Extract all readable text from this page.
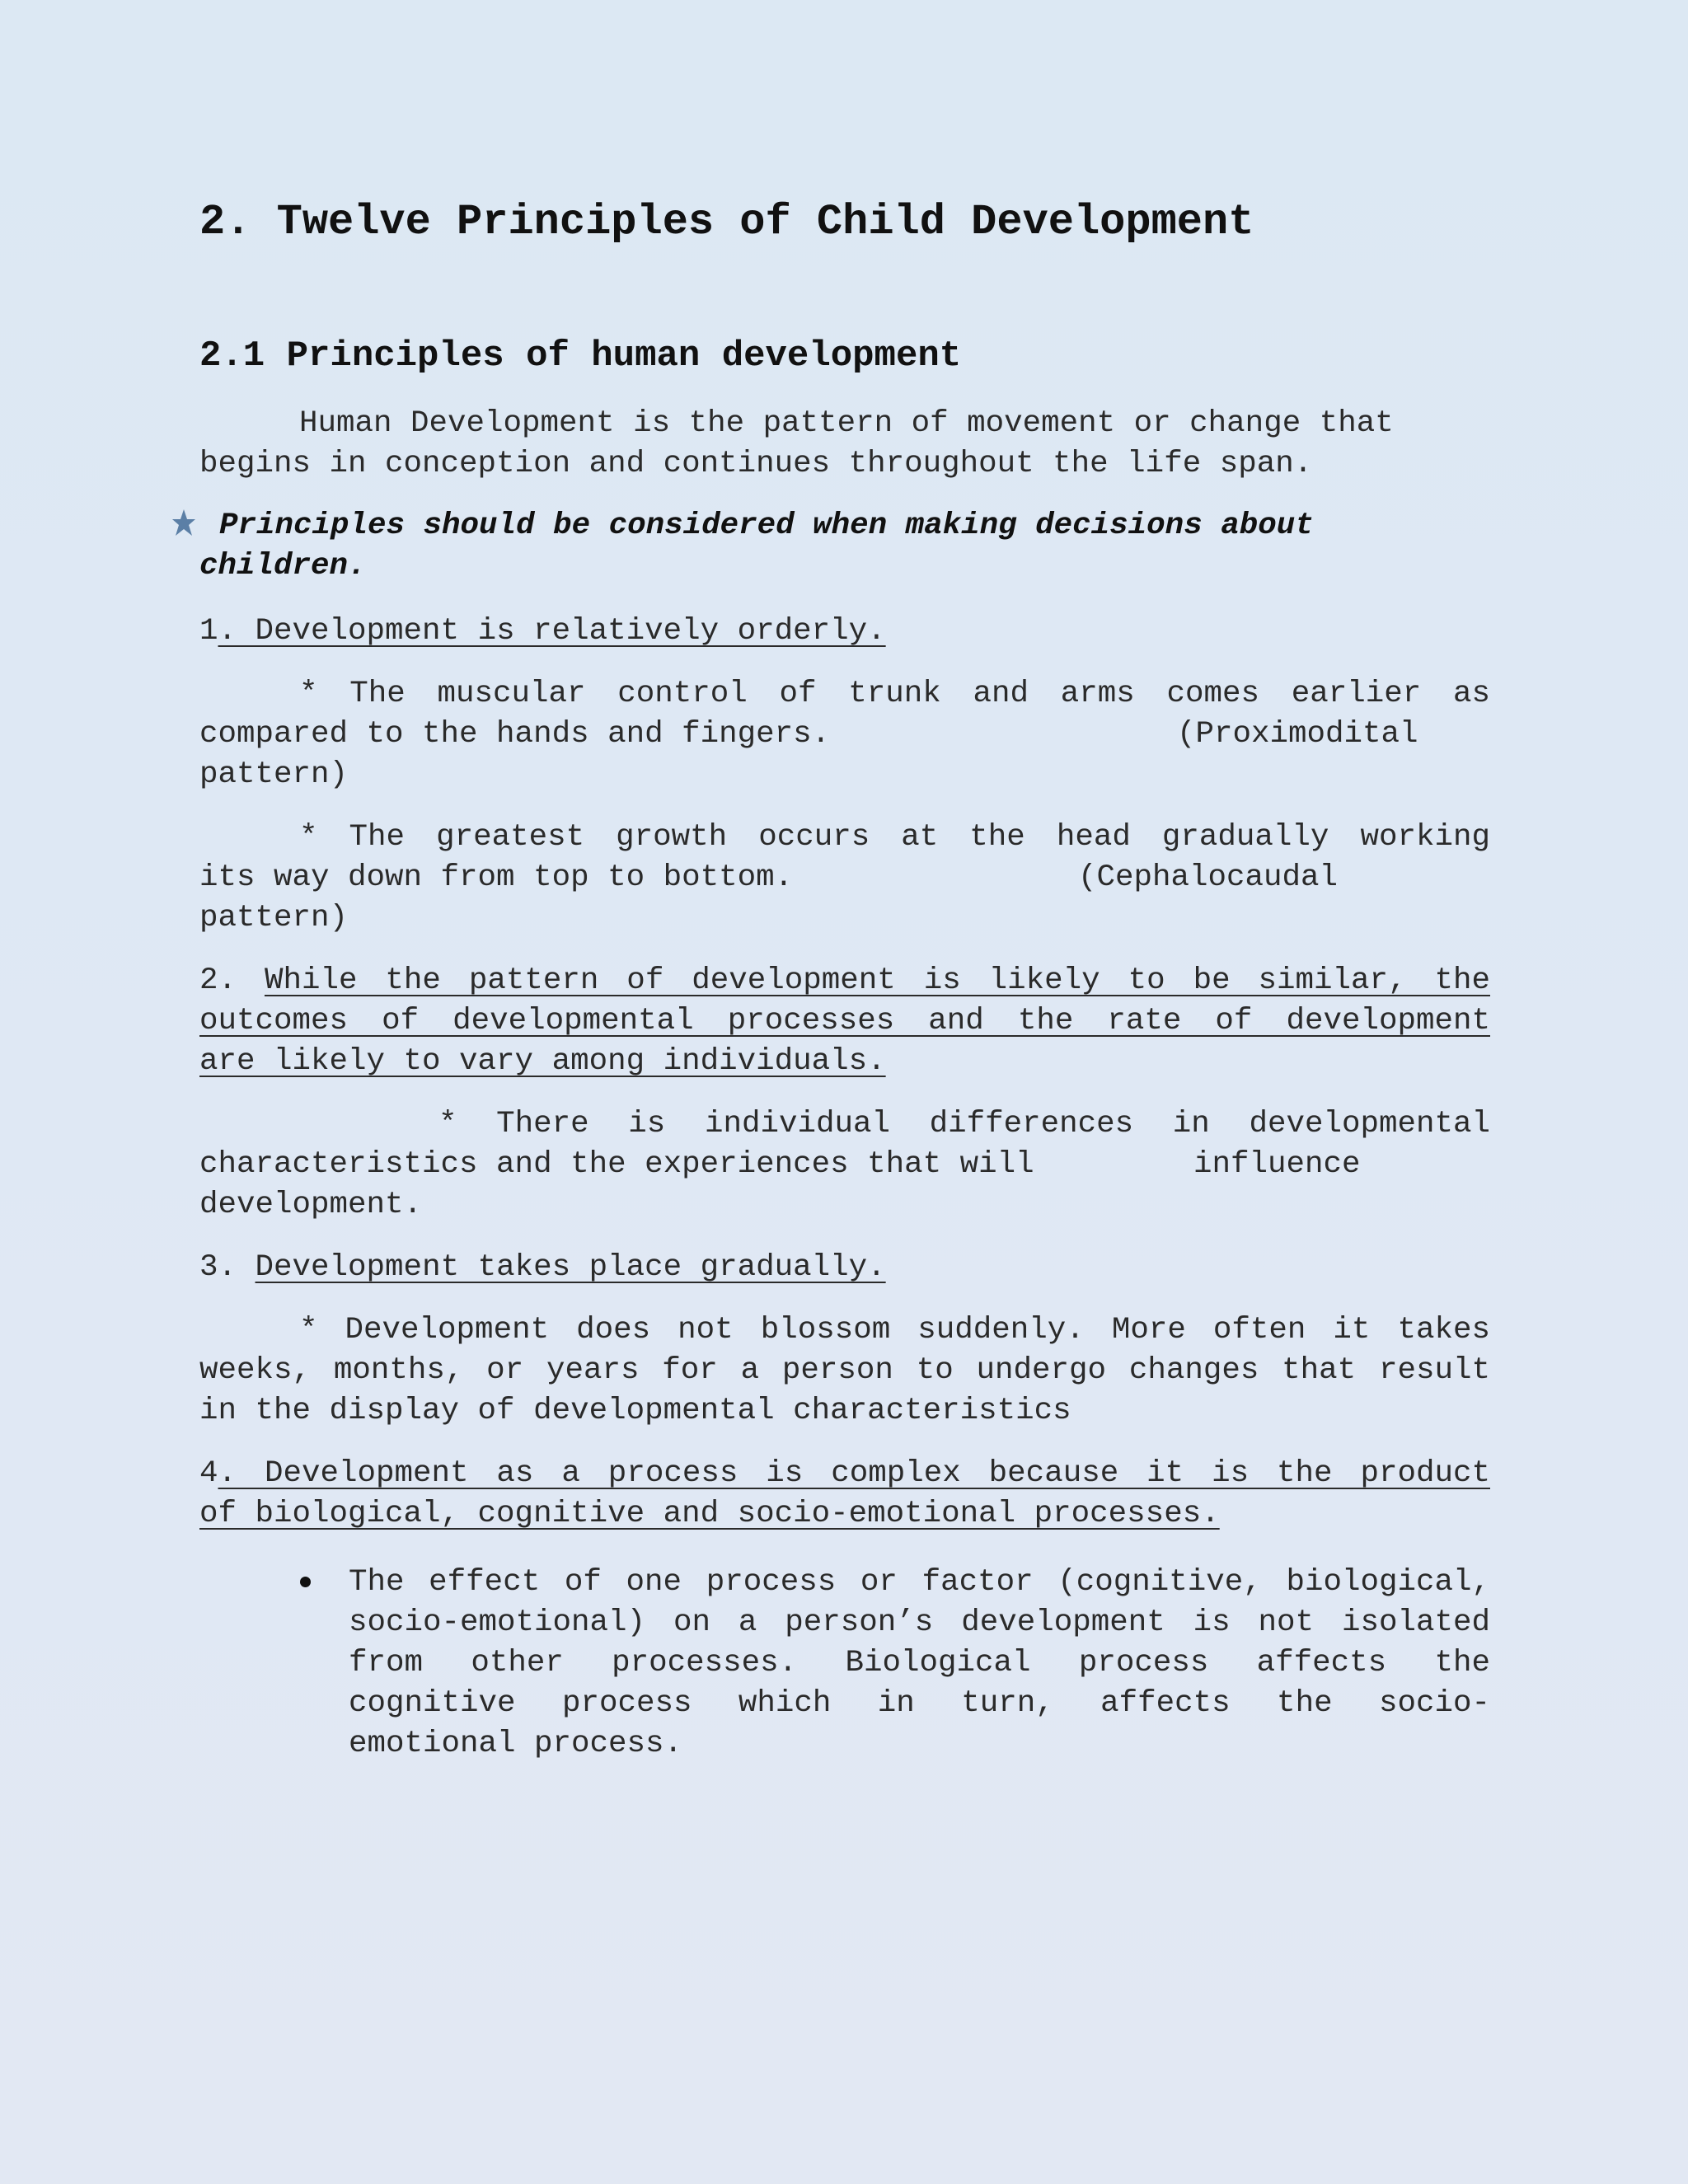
2. Twelve Principles of Child Development
2.1 Principles of human development
Human Development is the pattern of movement or change that
begins in conception and continues throughout the life span.
Principles should be considered when making decisions about
children.
1. Development is relatively orderly.
* The muscular control of trunk and arms comes earlier as
compared to the hands and fingers.	(Proximodital
pattern)
* The greatest growth occurs at the head gradually working
its way down from top to bottom.	(Cephalocaudal
pattern)
2. While the pattern of development is likely to be similar, the
outcomes of developmental processes and the rate of development
are likely to vary among individuals.
* There is individual differences in developmental
characteristics and the experiences that will	influence
development.
3. Development takes place gradually.
* Development does not blossom suddenly. More often it takes
weeks, months, or years for a person to undergo changes that result
in the display of developmental characteristics
4. Development as a process is complex because it is the product
of biological, cognitive and socio-emotional processes.
The effect of one process or factor (cognitive, biological,
socio-emotional) on a person’s development is not isolated
from other processes. Biological process affects the
cognitive process which in turn, affects the socio-
emotional process.
